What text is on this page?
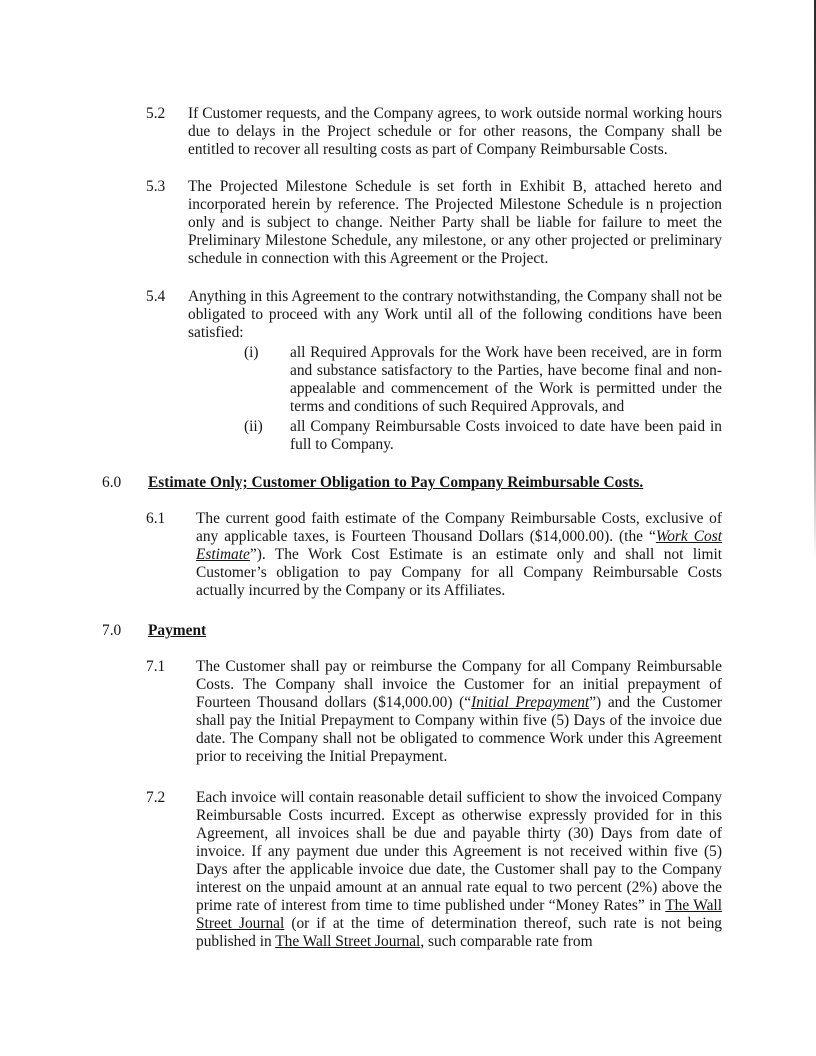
5.2 If Customer requests, and the Company agrees, to work outside normal working hours due to delays in the Project schedule or for other reasons, the Company shall be entitled to recover all resulting costs as part of Company Reimbursable Costs.

5.3 The Projected Milestone Schedule is set forth in Exhibit B, attached hereto and incorporated herein by reference. The Projected Milestone Schedule is n projection only and is subject to change. Neither Party shall be liable for failure to meet the Preliminary Milestone Schedule, any milestone, or any other projected or preliminary schedule in connection with this Agreement or the Project.

5.4 Anything in this Agreement to the contrary notwithstanding, the Company shall not be obligated to proceed with any Work until all of the following conditions have been satisfied:

(i) all Required Approvals for the Work have been received, are in form and substance satisfactory to the Parties, have become final and non-appealable and commencement of the Work is permitted under the terms and conditions of such Required Approvals, and

(ii) all Company Reimbursable Costs invoiced to date have been paid in full to Company.

6.0 Estimate Only; Customer Obligation to Pay Company Reimbursable Costs.

6.1 The current good faith estimate of the Company Reimbursable Costs, exclusive of any applicable taxes, is Fourteen Thousand Dollars ($14,000.00). (the “Work Cost Estimate”). The Work Cost Estimate is an estimate only and shall not limit Customer’s obligation to pay Company for all Company Reimbursable Costs actually incurred by the Company or its Affiliates.

7.0 Payment

7.1 The Customer shall pay or reimburse the Company for all Company Reimbursable Costs. The Company shall invoice the Customer for an initial prepayment of Fourteen Thousand dollars ($14,000.00) (“Initial Prepayment”) and the Customer shall pay the Initial Prepayment to Company within five (5) Days of the invoice due date. The Company shall not be obligated to commence Work under this Agreement prior to receiving the Initial Prepayment.

7.2 Each invoice will contain reasonable detail sufficient to show the invoiced Company Reimbursable Costs incurred. Except as otherwise expressly provided for in this Agreement, all invoices shall be due and payable thirty (30) Days from date of invoice. If any payment due under this Agreement is not received within five (5) Days after the applicable invoice due date, the Customer shall pay to the Company interest on the unpaid amount at an annual rate equal to two percent (2%) above the prime rate of interest from time to time published under “Money Rates” in The Wall Street Journal (or if at the time of determination thereof, such rate is not being published in The Wall Street Journal, such comparable rate from
